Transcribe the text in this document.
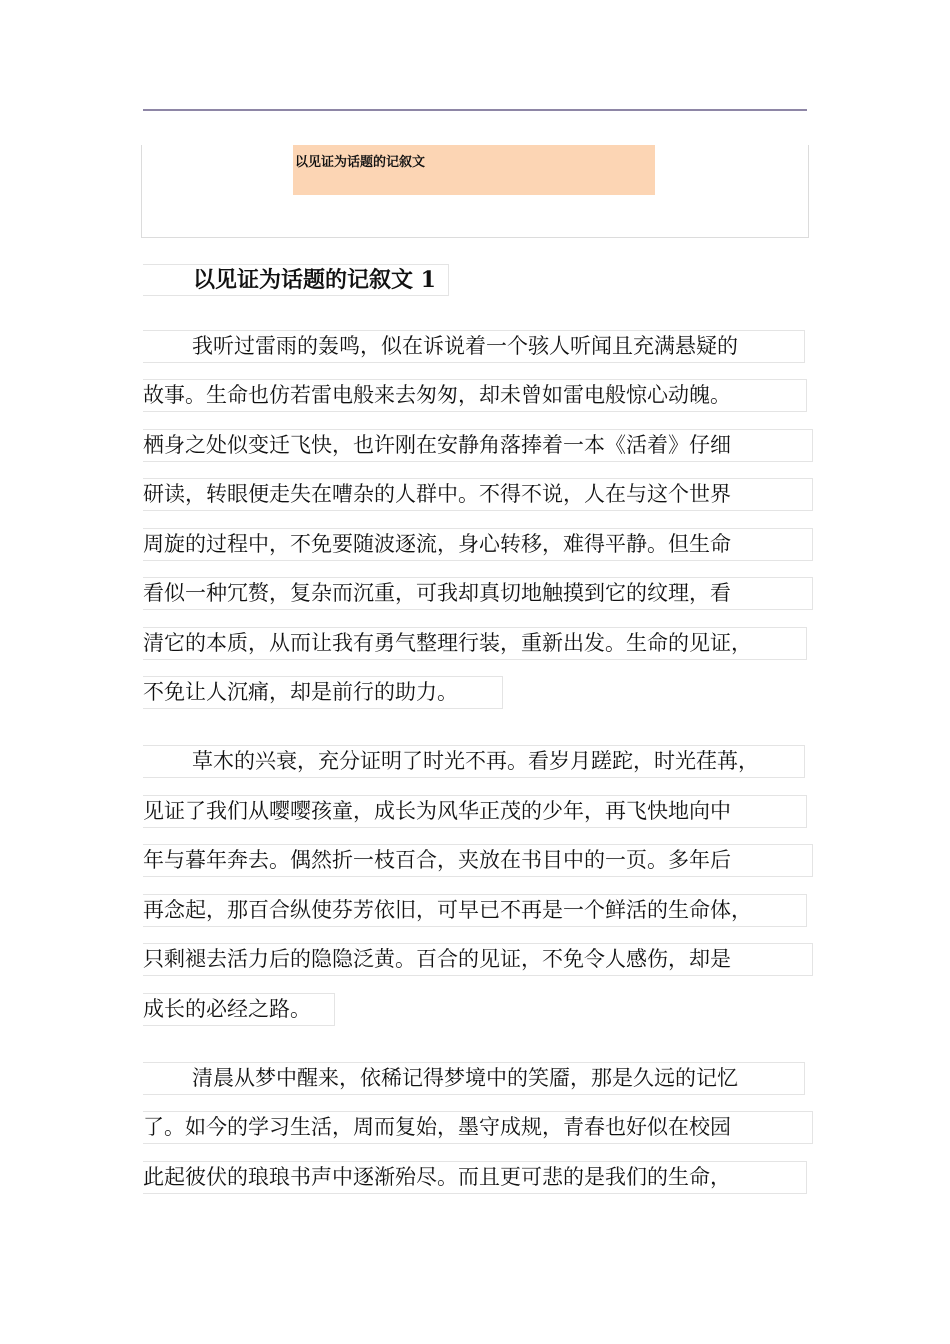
以见证为话题的记叙文
以见证为话题的记叙文 1
我听过雷雨的轰鸣，似在诉说着一个骇人听闻且充满悬疑的
故事。生命也仿若雷电般来去匆匆，却未曾如雷电般惊心动魄。
栖身之处似变迁飞快，也许刚在安静角落捧着一本《活着》仔细
研读，转眼便走失在嘈杂的人群中。不得不说，人在与这个世界
周旋的过程中，不免要随波逐流，身心转移，难得平静。但生命
看似一种冗赘，复杂而沉重，可我却真切地触摸到它的纹理，看
清它的本质，从而让我有勇气整理行装，重新出发。生命的见证，
不免让人沉痛，却是前行的助力。
草木的兴衰，充分证明了时光不再。看岁月蹉跎，时光荏苒，
见证了我们从嘤嘤孩童，成长为风华正茂的少年，再飞快地向中
年与暮年奔去。偶然折一枝百合，夹放在书目中的一页。多年后
再念起，那百合纵使芬芳依旧，可早已不再是一个鲜活的生命体，
只剩褪去活力后的隐隐泛黄。百合的见证，不免令人感伤，却是
成长的必经之路。
清晨从梦中醒来，依稀记得梦境中的笑靥，那是久远的记忆
了。如今的学习生活，周而复始，墨守成规，青春也好似在校园
此起彼伏的琅琅书声中逐渐殆尽。而且更可悲的是我们的生命，
